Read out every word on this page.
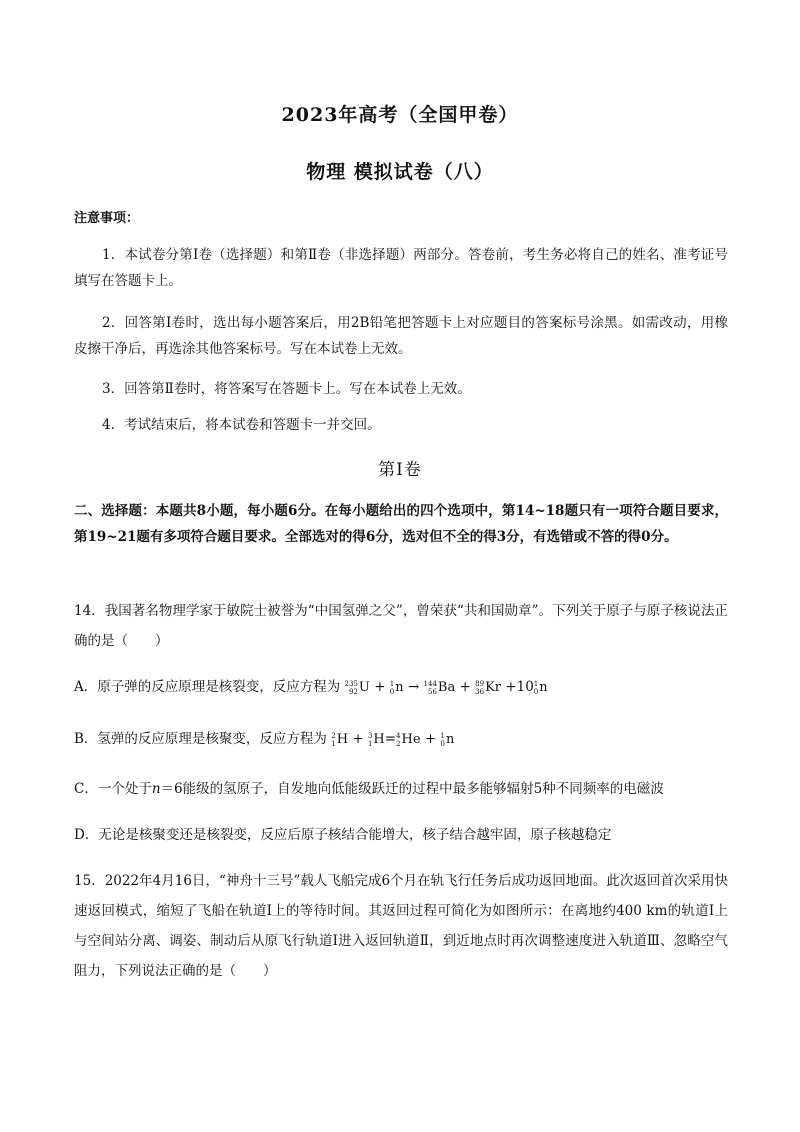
2023年高考（全国甲卷）
物理 模拟试卷（八）
注意事项：
1．本试卷分第Ⅰ卷（选择题）和第Ⅱ卷（非选择题）两部分。答卷前，考生务必将自己的姓名、准考证号填写在答题卡上。
2．回答第Ⅰ卷时，选出每小题答案后，用2B铅笔把答题卡上对应题目的答案标号涂黑。如需改动，用橡皮擦干净后，再选涂其他答案标号。写在本试卷上无效。
3．回答第Ⅱ卷时，将答案写在答题卡上。写在本试卷上无效。
4．考试结束后，将本试卷和答题卡一并交回。
第Ⅰ卷
二、选择题：本题共8小题，每小题6分。在每小题给出的四个选项中，第14~18题只有一项符合题目要求，第19~21题有多项符合题目要求。全部选对的得6分，选对但不全的得3分，有选错或不答的得0分。
14．我国著名物理学家于敏院士被誉为“中国氢弹之父”，曾荣获“共和国勋章”。下列关于原子与原子核说法正确的是（　　）
A．原子弹的反应原理是核裂变，反应方程为 235
92 U + 1
0 n → 144
56 Ba + 89
36 Kr +10 1
0 n
B．氢弹的反应原理是核聚变，反应方程为 2
1 H + 3
1 H= 4
2 He + 1
0 n
C．一个处于n＝6能级的氢原子，自发地向低能级跃迁的过程中最多能够辐射5种不同频率的电磁波
D．无论是核聚变还是核裂变，反应后原子核结合能增大，核子结合越牢固，原子核越稳定
15．2022年4月16日，“神舟十三号”载人飞船完成6个月在轨飞行任务后成功返回地面。此次返回首次采用快速返回模式，缩短了飞船在轨道Ⅰ上的等待时间。其返回过程可简化为如图所示：在离地约400 km的轨道Ⅰ上与空间站分离、调姿、制动后从原飞行轨道Ⅰ进入返回轨道Ⅱ，到近地点时再次调整速度进入轨道Ⅲ、忽略空气阻力，下列说法正确的是（　　）
